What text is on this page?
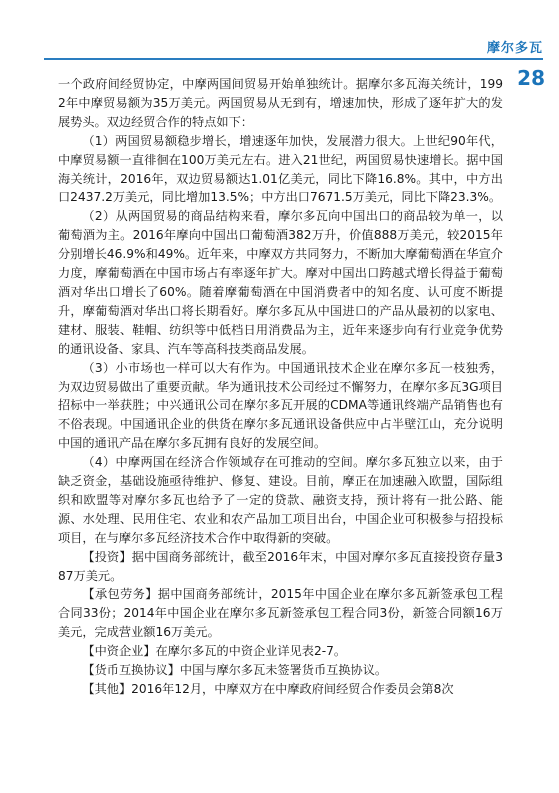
摩尔多瓦
28

一个政府间经贸协定，中摩两国间贸易开始单独统计。据摩尔多瓦海关统计，1992年中摩贸易额为35万美元。两国贸易从无到有，增速加快，形成了逐年扩大的发展势头。双边经贸合作的特点如下：

（1）两国贸易额稳步增长，增速逐年加快，发展潜力很大。上世纪90年代，中摩贸易额一直徘徊在100万美元左右。进入21世纪，两国贸易快速增长。据中国海关统计，2016年，双边贸易额达1.01亿美元，同比下降16.8%。其中，中方出口2437.2万美元，同比增加13.5%；中方出口7671.5万美元，同比下降23.3%。

（2）从两国贸易的商品结构来看，摩尔多瓦向中国出口的商品较为单一，以葡萄酒为主。2016年摩向中国出口葡萄酒382万升，价值888万美元，较2015年分别增长46.9%和49%。近年来，中摩双方共同努力，不断加大摩葡萄酒在华宣介力度，摩葡萄酒在中国市场占有率逐年扩大。摩对中国出口跨越式增长得益于葡萄酒对华出口增长了60%。随着摩葡萄酒在中国消费者中的知名度、认可度不断提升，摩葡萄酒对华出口将长期看好。摩尔多瓦从中国进口的产品从最初的以家电、建材、服装、鞋帽、纺织等中低档日用消费品为主，近年来逐步向有行业竞争优势的通讯设备、家具、汽车等高科技类商品发展。

（3）小市场也一样可以大有作为。中国通讯技术企业在摩尔多瓦一枝独秀，为双边贸易做出了重要贡献。华为通讯技术公司经过不懈努力，在摩尔多瓦3G项目招标中一举获胜；中兴通讯公司在摩尔多瓦开展的CDMA等通讯终端产品销售也有不俗表现。中国通讯企业的供货在摩尔多瓦通讯设备供应中占半壁江山，充分说明中国的通讯产品在摩尔多瓦拥有良好的发展空间。

（4）中摩两国在经济合作领域存在可推动的空间。摩尔多瓦独立以来，由于缺乏资金，基础设施亟待维护、修复、建设。目前，摩正在加速融入欧盟，国际组织和欧盟等对摩尔多瓦也给予了一定的贷款、融资支持，预计将有一批公路、能源、水处理、民用住宅、农业和农产品加工项目出台，中国企业可积极参与招投标项目，在与摩尔多瓦经济技术合作中取得新的突破。

【投资】据中国商务部统计，截至2016年末，中国对摩尔多瓦直接投资存量387万美元。

【承包劳务】据中国商务部统计，2015年中国企业在摩尔多瓦新签承包工程合同33份；2014年中国企业在摩尔多瓦新签承包工程合同3份，新签合同额16万美元，完成营业额16万美元。

【中资企业】在摩尔多瓦的中资企业详见表2-7。

【货币互换协议】中国与摩尔多瓦未签署货币互换协议。

【其他】2016年12月，中摩双方在中摩政府间经贸合作委员会第8次
